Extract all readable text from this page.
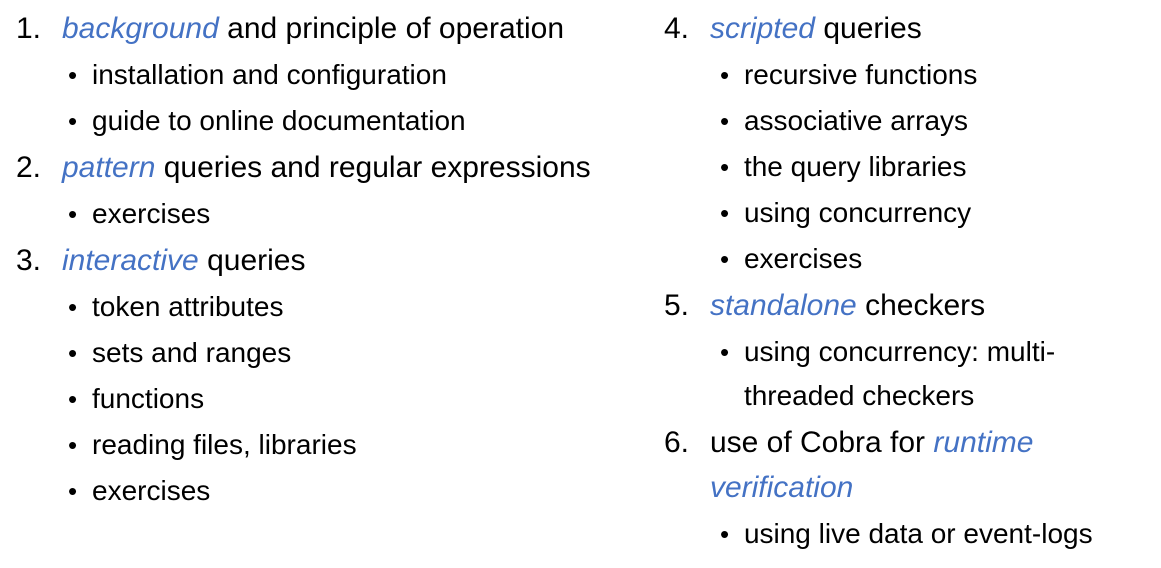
1. background and principle of operation
• installation and configuration
• guide to online documentation
2. pattern queries and regular expressions
• exercises
3. interactive queries
• token attributes
• sets and ranges
• functions
• reading files, libraries
• exercises
4. scripted queries
• recursive functions
• associative arrays
• the query libraries
• using concurrency
• exercises
5. standalone checkers
• using concurrency: multi-threaded checkers
6. use of Cobra for runtime verification
• using live data or event-logs
